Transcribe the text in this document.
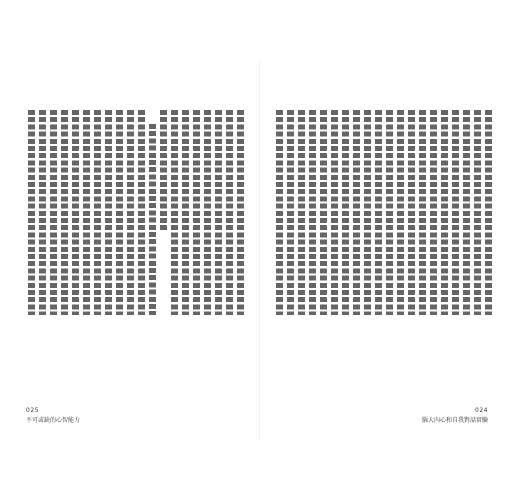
025
不可或缺的心智能力
024
腦大內心和自我對話實驗
